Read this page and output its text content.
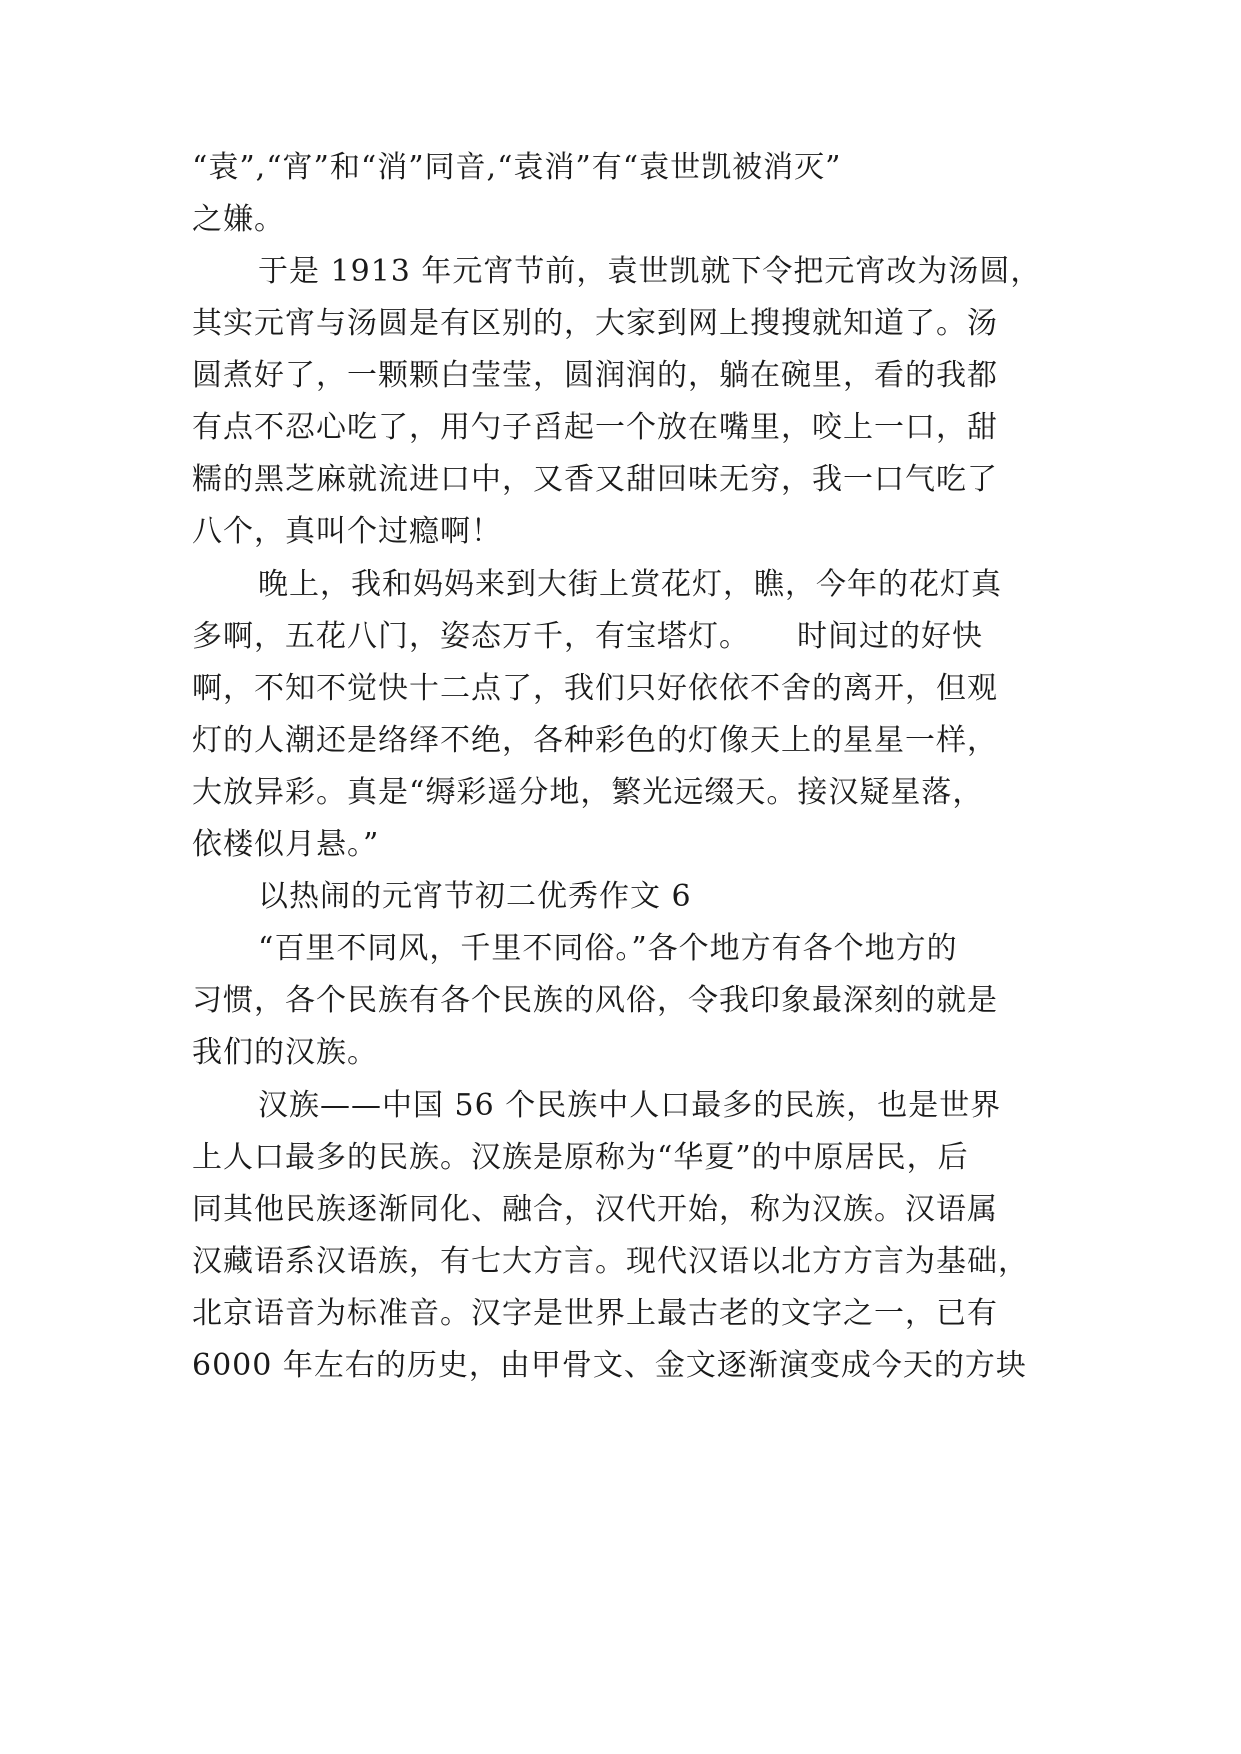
“袁”,“宵”和“消”同音,“袁消”有“袁世凯被消灭”
之嫌。
于是 1913 年元宵节前，袁世凯就下令把元宵改为汤圆，
其实元宵与汤圆是有区别的，大家到网上搜搜就知道了。汤
圆煮好了，一颗颗白莹莹，圆润润的，躺在碗里，看的我都
有点不忍心吃了，用勺子舀起一个放在嘴里，咬上一口，甜
糯的黑芝麻就流进口中，又香又甜回味无穷，我一口气吃了
八个，真叫个过瘾啊！
晚上，我和妈妈来到大街上赏花灯，瞧，今年的花灯真
多啊，五花八门，姿态万千，有宝塔灯。　　时间过的好快
啊，不知不觉快十二点了，我们只好依依不舍的离开，但观
灯的人潮还是络绎不绝，各种彩色的灯像天上的星星一样，
大放异彩。真是“缛彩遥分地，繁光远缀天。接汉疑星落，
依楼似月悬。”
以热闹的元宵节初二优秀作文 6
“百里不同风，千里不同俗。”各个地方有各个地方的
习惯，各个民族有各个民族的风俗，令我印象最深刻的就是
我们的汉族。
汉族——中国 56 个民族中人口最多的民族，也是世界
上人口最多的民族。汉族是原称为“华夏”的中原居民，后
同其他民族逐渐同化、融合，汉代开始，称为汉族。汉语属
汉藏语系汉语族，有七大方言。现代汉语以北方方言为基础，
北京语音为标准音。汉字是世界上最古老的文字之一，已有
6000 年左右的历史，由甲骨文、金文逐渐演变成今天的方块
